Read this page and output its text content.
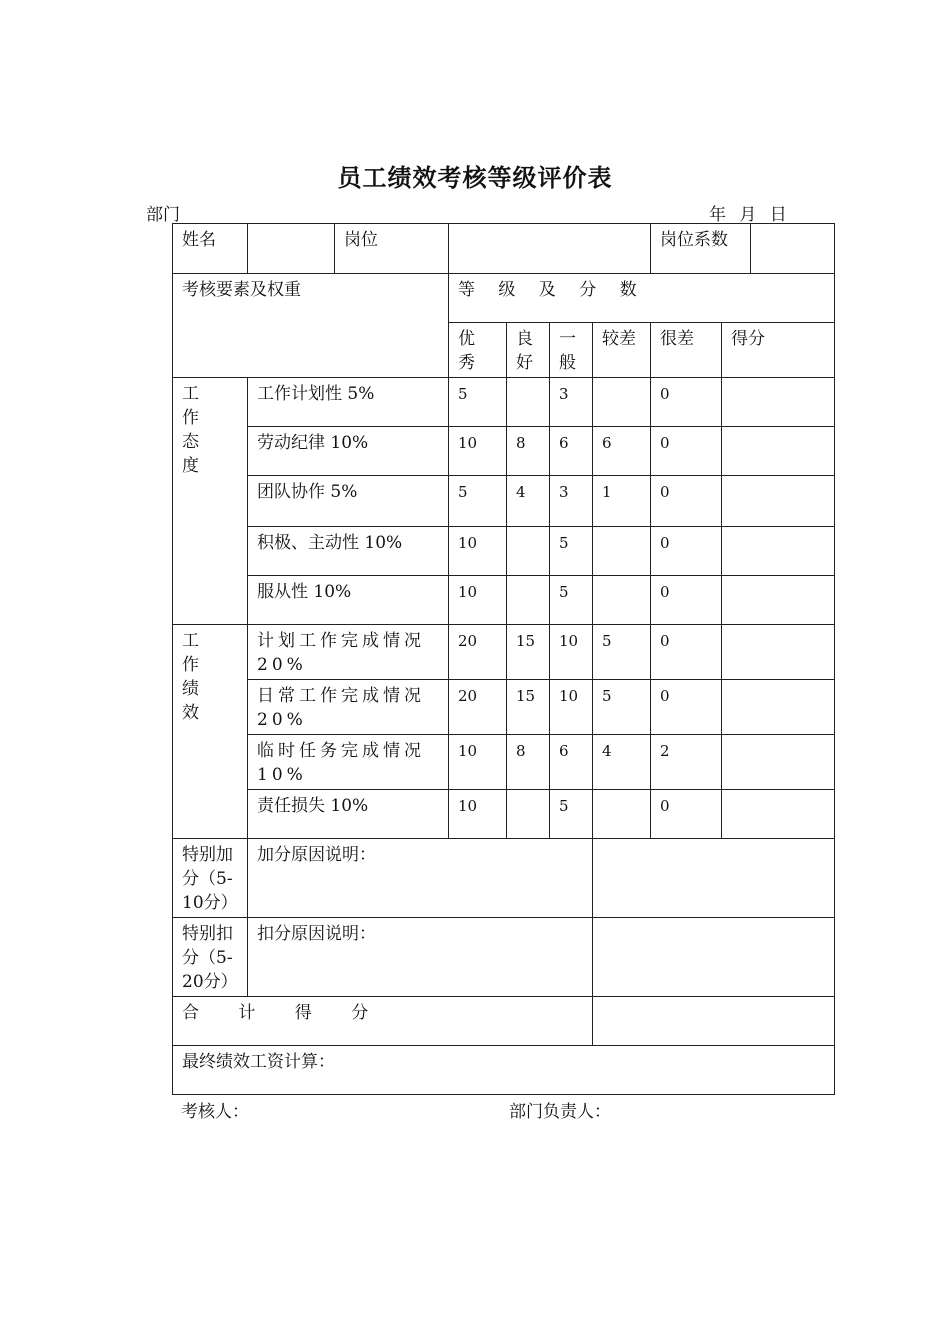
员工绩效考核等级评价表
部门	年 月 日
姓名		岗位					岗位系数		
考核要素及权重			等 级 及 分 数						
			优秀	良好	一般	较差	很差	得分	
工作态度	工作计划性 5%		5		3		0		
	劳动纪律 10%		10	8	6	6	0		
	团队协作 5%		5	4	3	1	0		
	积极、主动性 10%		10		5		0		
	服从性 10%		10		5		0		
工作绩效	计划工作完成情况 20%		20	15	10	5	0		
	日常工作完成情况 20%		20	15	10	5	0		
	临时任务完成情况 10%		10	8	6	4	2		
	责任损失 10%		10		5		0		
特别加分（5-10分）	加分原因说明：								
特别扣分（5-20分）	扣分原因说明：								
合 计 得 分									
最终绩效工资计算：									
考核人：	部门负责人：
